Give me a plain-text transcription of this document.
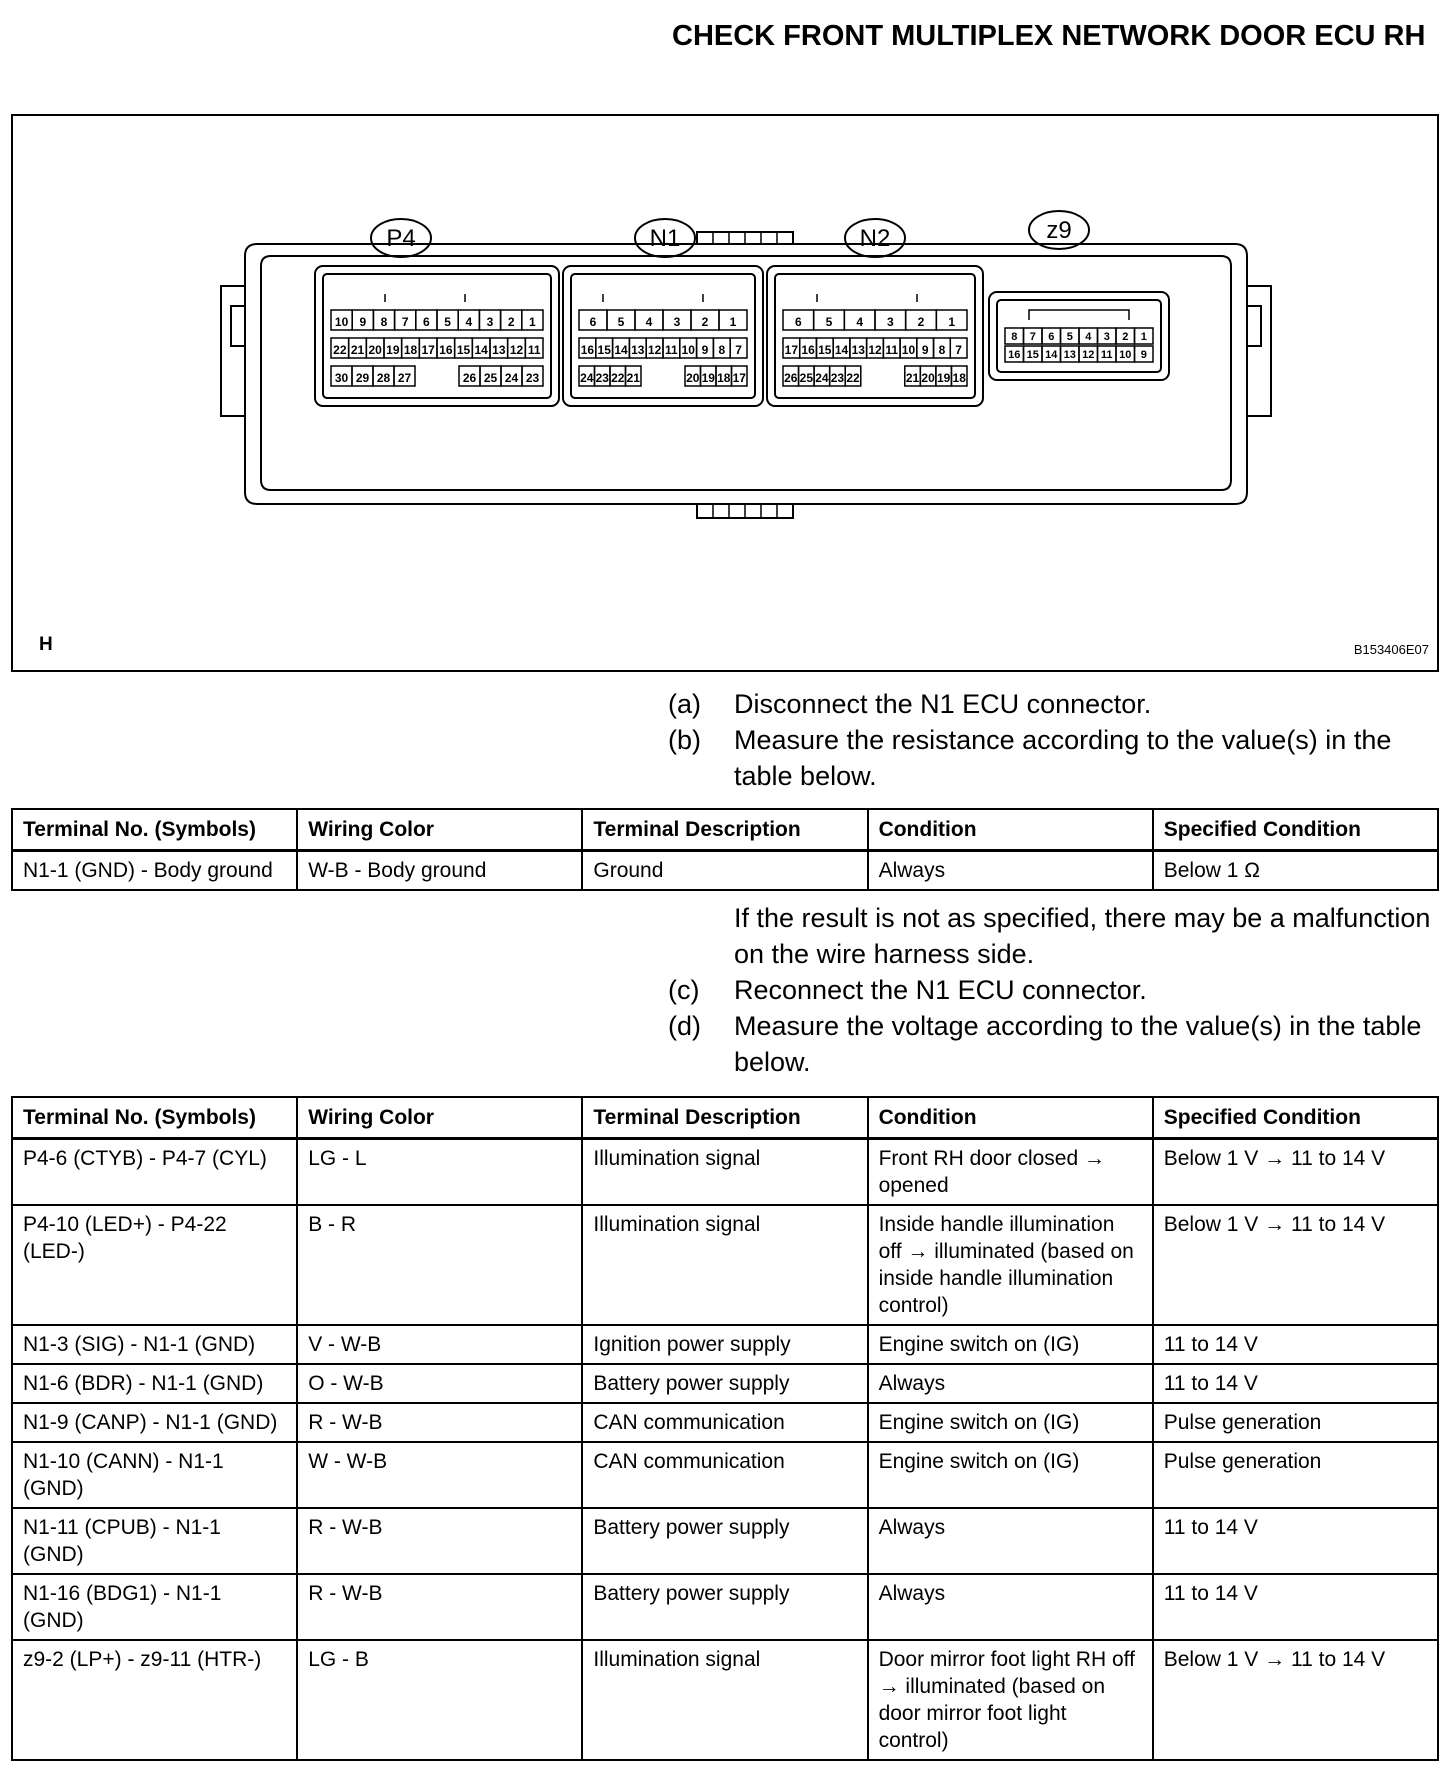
CHECK FRONT MULTIPLEX NETWORK DOOR ECU RH
P4
10 9 8 7 6 5 4 3 2 1
22 21 20 19 18 17 16 15 14 13 12 11
30 29 28 27	26 25 24 23
N1
6 5 4 3 2 1
16 15 14 13 12 11 10 9 8 7
24 23 22 21	20 19 18 17
N2
6 5 4 3 2 1
17 16 15 14 13 12 11 10 9 8 7
26 25 24 23 22	21 20 19 18
z9
8 7 6 5 4 3 2 1
16 15 14 13 12 11 10 9
H	B153406E07
(a)	Disconnect the N1 ECU connector.
(b)	Measure the resistance according to the value(s) in the table below.
Terminal No. (Symbols)	Wiring Color	Terminal Description	Condition	Specified Condition
N1-1 (GND) - Body ground	W-B - Body ground	Ground	Always	Below 1 Ω
If the result is not as specified, there may be a malfunction on the wire harness side.
(c)	Reconnect the N1 ECU connector.
(d)	Measure the voltage according to the value(s) in the table below.
Terminal No. (Symbols)	Wiring Color	Terminal Description	Condition	Specified Condition
P4-6 (CTYB) - P4-7 (CYL)	LG - L	Illumination signal	Front RH door closed → opened	Below 1 V → 11 to 14 V
P4-10 (LED+) - P4-22 (LED-)	B - R	Illumination signal	Inside handle illumination off → illuminated (based on inside handle illumination control)	Below 1 V → 11 to 14 V
N1-3 (SIG) - N1-1 (GND)	V - W-B	Ignition power supply	Engine switch on (IG)	11 to 14 V
N1-6 (BDR) - N1-1 (GND)	O - W-B	Battery power supply	Always	11 to 14 V
N1-9 (CANP) - N1-1 (GND)	R - W-B	CAN communication	Engine switch on (IG)	Pulse generation
N1-10 (CANN) - N1-1 (GND)	W - W-B	CAN communication	Engine switch on (IG)	Pulse generation
N1-11 (CPUB) - N1-1 (GND)	R - W-B	Battery power supply	Always	11 to 14 V
N1-16 (BDG1) - N1-1 (GND)	R - W-B	Battery power supply	Always	11 to 14 V
z9-2 (LP+) - z9-11 (HTR-)	LG - B	Illumination signal	Door mirror foot light RH off → illuminated (based on door mirror foot light control)	Below 1 V → 11 to 14 V
